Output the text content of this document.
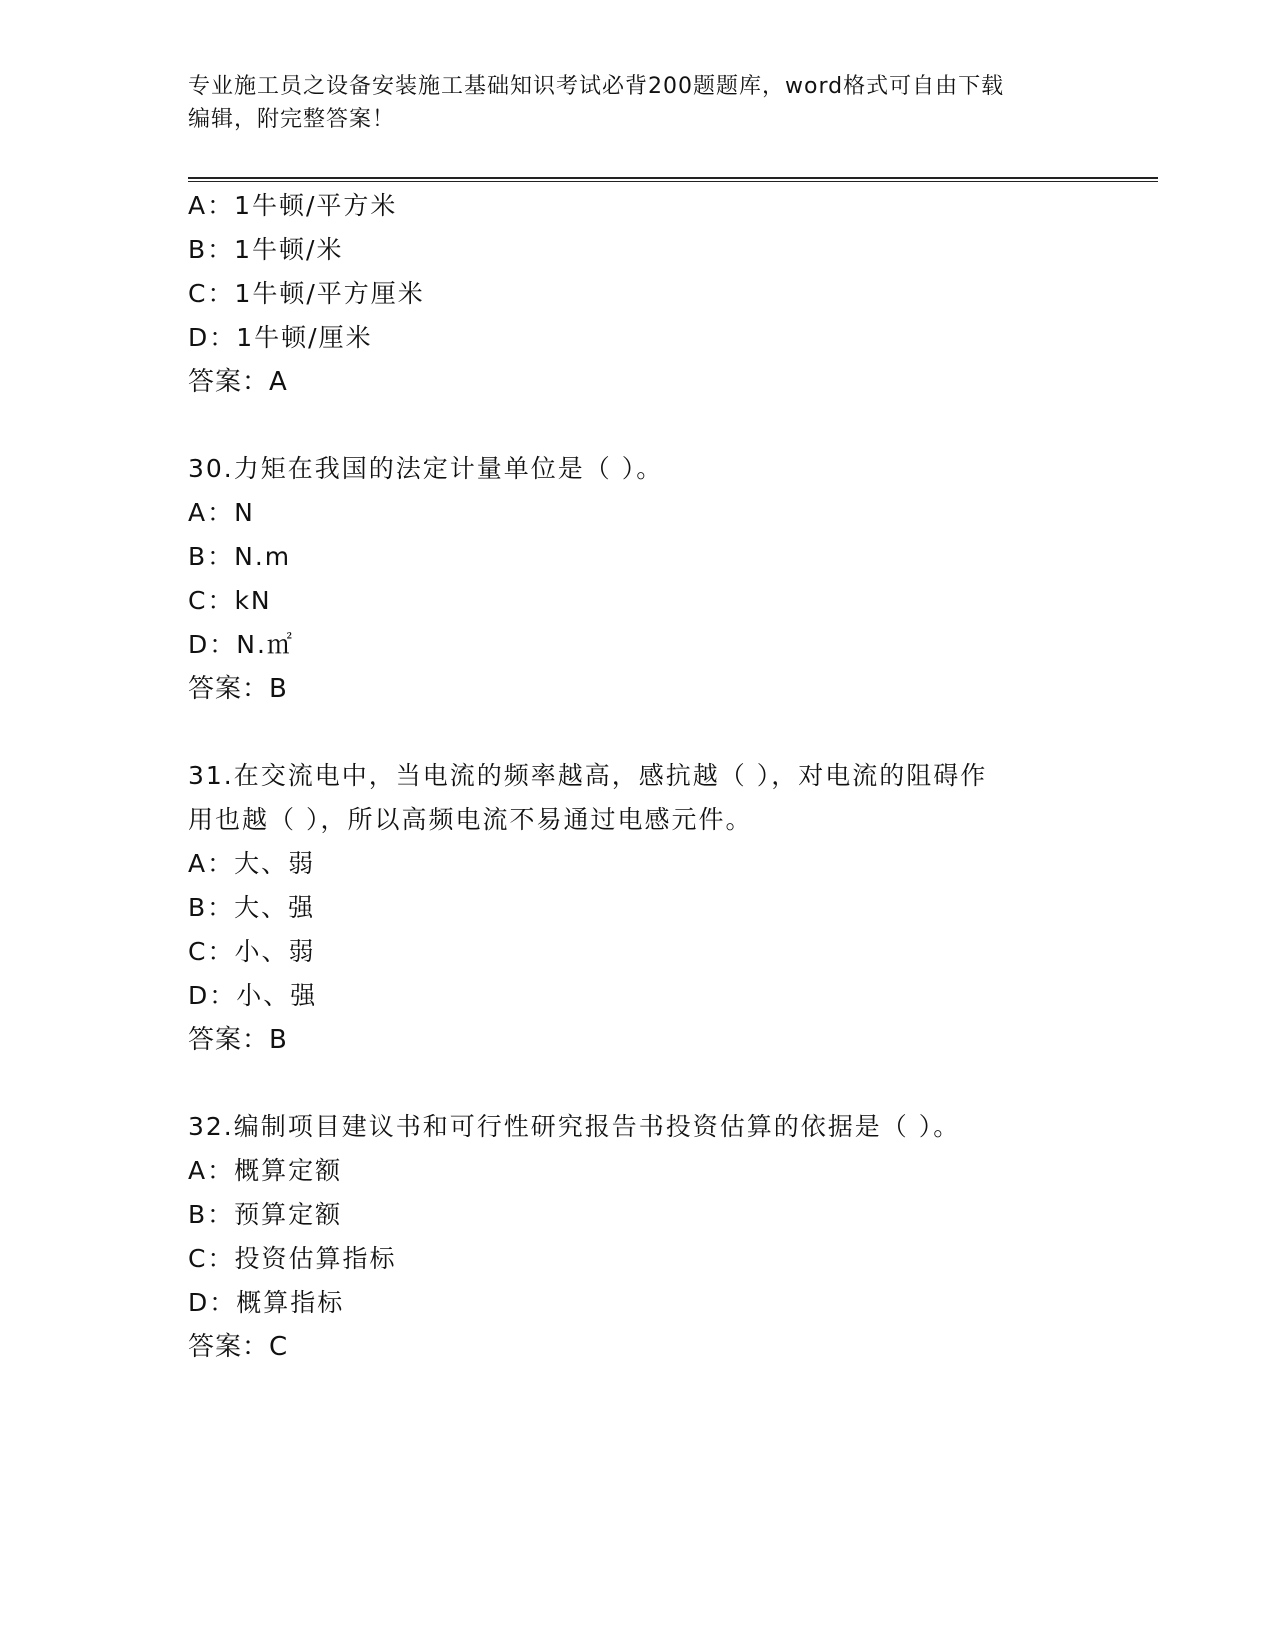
专业施工员之设备安装施工基础知识考试必背200题题库，word格式可自由下载
编辑，附完整答案！
A：1牛顿/平方米
B：1牛顿/米
C：1牛顿/平方厘米
D：1牛顿/厘米
答案：A
30.力矩在我国的法定计量单位是（ ）。
A：N
B：N.m
C：kN
D：N.㎡
答案：B
31.在交流电中，当电流的频率越高，感抗越（ ），对电流的阻碍作
用也越（ ），所以高频电流不易通过电感元件。
A：大、弱
B：大、强
C：小、弱
D：小、强
答案：B
32.编制项目建议书和可行性研究报告书投资估算的依据是（ ）。
A：概算定额
B：预算定额
C：投资估算指标
D：概算指标
答案：C
